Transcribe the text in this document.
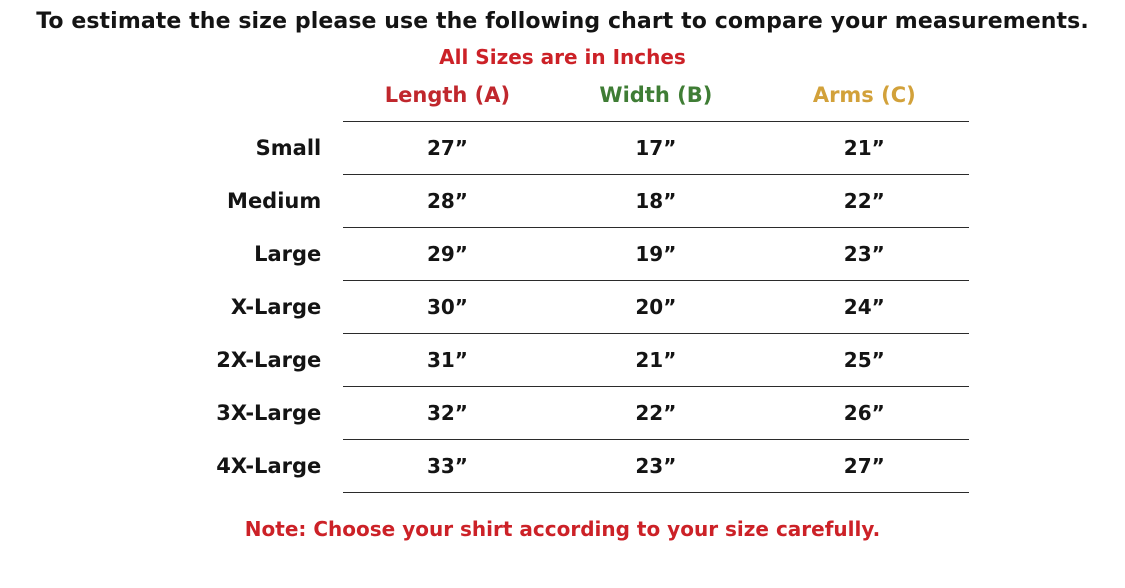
To estimate the size please use the following chart to compare your measurements.
All Sizes are in Inches
	Length (A)	Width (B)	Arms (C)
Small	27”	17”	21”
Medium	28”	18”	22”
Large	29”	19”	23”
X-Large	30”	20”	24”
2X-Large	31”	21”	25”
3X-Large	32”	22”	26”
4X-Large	33”	23”	27”
Note: Choose your shirt according to your size carefully.
